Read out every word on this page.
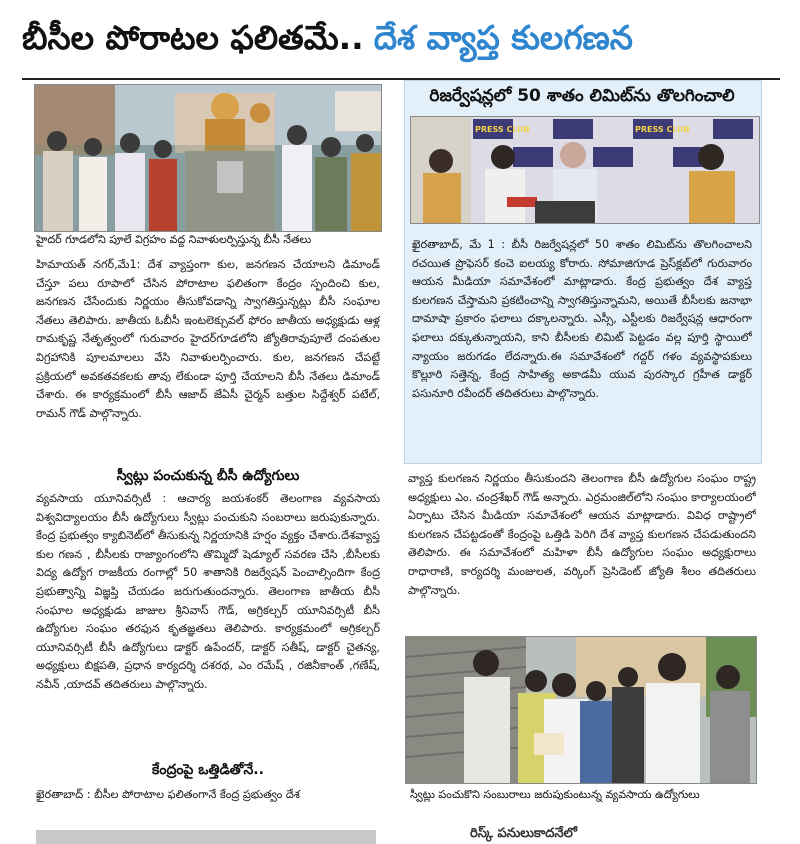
బీసీల పోరాటల ఫలితమే.. దేశ వ్యాప్త కులగణన
హైదర్ గూడలోని పూలే విగ్రహం వద్ద నివాళులర్పిస్తున్న బీసీ నేతలు
హిమాయత్ నగర్,మే1: దేశ వ్యాప్తంగా కుల, జనగణన చేయాలని డిమాండ్ చేస్తూ పలు రూపాలో చేసిన పోరాటాల ఫలితంగా కేంద్రం స్పందించి కుల, జనగణన చేసేందుకు నిర్ణయం తీసుకోవడాన్ని స్వాగతిస్తున్నట్లు బీసీ సంఘాల నేతలు తెలిపారు. జాతీయ ఓబీసీ ఇంటలెక్చువల్ ఫోరం జాతీయ అధ్యక్షుడు ఆళ్ల రామకృష్ణ నేతృత్వంలో గురువారం హైదర్‌గూడలోని జ్యోతిరావుపూలే దంపతుల విగ్రహానికి పూలమాలలు వేసి నివాళులర్పించారు. కుల, జనగణన చేపట్టే ప్రక్రియలో అవకతవకలకు తావు లేకుండా పూర్తి చేయాలని బీసీ నేతలు డిమాండ్ చేశారు. ఈ కార్యక్రమంలో బీసీ ఆజాద్ జేఏసీ చైర్మన్ బత్తుల సిద్దేశ్వర్ పటేల్, రామన్ గౌడ్ పాల్గొన్నారు.
స్వీట్లు పంచుకున్న బీసీ ఉద్యోగులు
వ్యవసాయ యూనివర్సిటీ : ఆచార్య జయశంకర్ తెలంగాణ వ్యవసాయ విశ్వవిద్యాలయం బీసీ ఉద్యోగులు స్వీట్లు పంచుకుని సంబరాలు జరుపుకున్నారు. కేంద్ర ప్రభుత్వం క్యాబినెట్‌లో తీసుకున్న నిర్ణయానికి హర్షం వ్యక్తం చేశారు.దేశవ్యాప్త కుల గణన , బీసీలకు రాజ్యాంగంలోని తొమ్మిదో షెడ్యూల్ సవరణ చేసి ,బీసీలకు విద్య ఉద్యోగ రాజకీయ రంగాల్లో 50 శాతానికి రిజర్వేషన్ పెంచాల్సిందిగా కేంద్ర ప్రభుత్వాన్ని విజ్ఞప్తి చేయడం జరుగుతుందన్నారు. తెలంగాణ జాతీయ బీసీ సంఘాల అధ్యక్షుడు జాజుల శ్రీనివాస్ గౌడ్, అగ్రికల్చర్ యూనివర్సిటీ బీసీ ఉద్యోగుల సంఘం తరఫున కృతజ్ఞతలు తెలిపారు. కార్యక్రమంలో అగ్రికల్చర్ యూనివర్సిటీ బీసీ ఉద్యోగులు డాక్టర్ ఉపేందర్, డాక్టర్ సతీష్, డాక్టర్ చైతన్య, అధ్యక్షులు బిక్షపతి, ప్రధాన కార్యదర్శి దశరథ, ఎం రమేష్ , రజినీకాంత్ ,గణేష్, నవీన్ ,యాదవ్ తదితరులు పాల్గొన్నారు.
కేంద్రంపై ఒత్తిడితోనే..
ఖైరతాబాద్ : బీసీల పోరాటాల ఫలితంగానే కేంద్ర ప్రభుత్వం దేశ
రిజర్వేషన్లలో 50 శాతం లిమిట్‌ను తొలగించాలి
PRESS CLUB	PRESS CLUB
ఖైరతాబాద్, మే 1 : బీసీ రిజర్వేషన్లలో 50 శాతం లిమిట్‌ను తొలగించాలని రచయిత ప్రొఫెసర్ కంచె ఐలయ్య కోరారు. సోమాజిగూడ ప్రెస్‌క్లబ్‌లో గురువారం ఆయన మీడియా సమావేశంలో మాట్లాడారు. కేంద్ర ప్రభుత్వం దేశ వ్యాప్త కులగణన చేస్తామని ప్రకటించాన్ని స్వాగతిస్తున్నామని, అయితే బీసీలకు జనాభా దామాషా ప్రకారం ఫలాలు దక్కాలన్నారు. ఎస్సీ, ఎస్టీలకు రిజర్వేషన్ల ఆధారంగా ఫలాలు దక్కుతున్నాయని, కాని బీసీలకు లిమిట్ పెట్టడం వల్ల పూర్తి స్థాయిలో న్యాయం జరుగడం లేదన్నారు.ఈ సమావేశంలో గద్దర్ గళం వ్యవస్థాపకులు కొల్లూరి సత్తెన్న, కేంద్ర సాహిత్య అకాడమీ యువ పురస్కార గ్రహీత డాక్టర్ పసునూరి రవీందర్ తదితరులు పాల్గొన్నారు.
వ్యాప్త కులగణన నిర్ణయం తీసుకుందని తెలంగాణ బీసీ ఉద్యోగుల సంఘం రాష్ట్ర అధ్యక్షులు ఎం. చంద్రశేఖర్ గౌడ్ అన్నారు. ఎర్రమంజిల్‌లోని సంఘం కార్యాలయంలో ఏర్పాటు చేసిన మీడియా సమావేశంలో ఆయన మాట్లాడారు. వివిధ రాష్ట్రాలో కులగణన చేపట్టడంతో కేంద్రంపై ఒత్తిడి పెరిగి దేశ వ్యాప్త కులగణన చేపడుతుందని తెలిపారు. ఈ సమావేశంలో మహిళా బీసీ ఉద్యోగుల సంఘం అధ్యక్షురాలు రాధారాణి, కార్యదర్శి మంజులత, వర్కింగ్ ప్రెసిడెంట్ జ్యోతి శీలం తదితరులు పాల్గొన్నారు.
స్వీట్లు పంచుకొని సంబురాలు జరుపుకుంటున్న వ్యవసాయ ఉద్యోగులు
రిస్క్ పనులుకాదనేలో
